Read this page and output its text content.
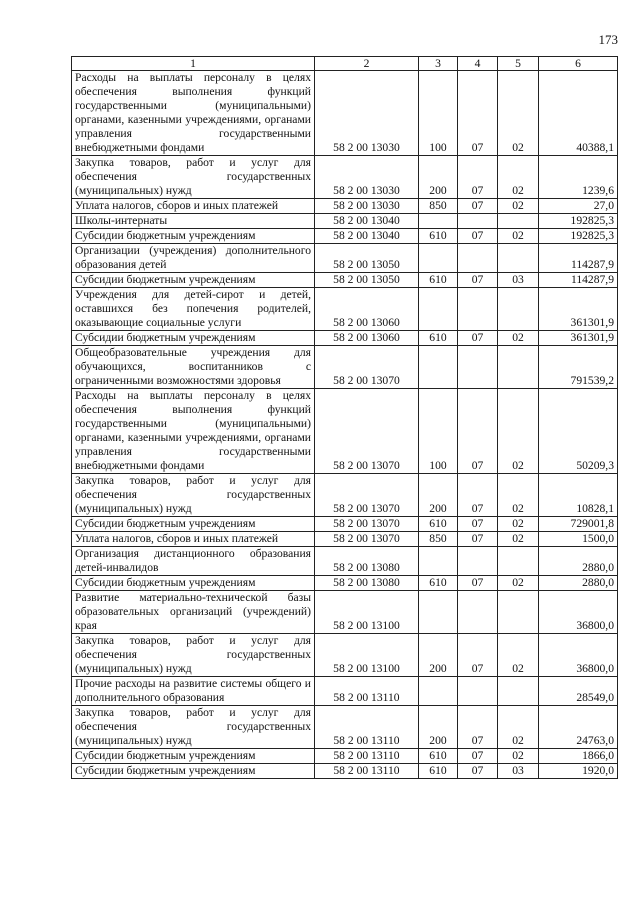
173
1	2	3	4	5	6
Расходы на выплаты персоналу в целях обеспечения выполнения функций государственными (муниципальными) органами, казенными учреждениями, органами управления государственными внебюджетными фондами	58 2 00 13030	100	07	02	40388,1
Закупка товаров, работ и услуг для обеспечения государственных (муниципальных) нужд	58 2 00 13030	200	07	02	1239,6
Уплата налогов, сборов и иных платежей	58 2 00 13030	850	07	02	27,0
Школы-интернаты	58 2 00 13040				192825,3
Субсидии бюджетным учреждениям	58 2 00 13040	610	07	02	192825,3
Организации (учреждения) дополнительного образования детей	58 2 00 13050				114287,9
Субсидии бюджетным учреждениям	58 2 00 13050	610	07	03	114287,9
Учреждения для детей-сирот и детей, оставшихся без попечения родителей, оказывающие социальные услуги	58 2 00 13060				361301,9
Субсидии бюджетным учреждениям	58 2 00 13060	610	07	02	361301,9
Общеобразовательные учреждения для обучающихся, воспитанников с ограниченными возможностями здоровья	58 2 00 13070				791539,2
Расходы на выплаты персоналу в целях обеспечения выполнения функций государственными (муниципальными) органами, казенными учреждениями, органами управления государственными внебюджетными фондами	58 2 00 13070	100	07	02	50209,3
Закупка товаров, работ и услуг для обеспечения государственных (муниципальных) нужд	58 2 00 13070	200	07	02	10828,1
Субсидии бюджетным учреждениям	58 2 00 13070	610	07	02	729001,8
Уплата налогов, сборов и иных платежей	58 2 00 13070	850	07	02	1500,0
Организация дистанционного образования детей-инвалидов	58 2 00 13080				2880,0
Субсидии бюджетным учреждениям	58 2 00 13080	610	07	02	2880,0
Развитие материально-технической базы образовательных организаций (учреждений) края	58 2 00 13100				36800,0
Закупка товаров, работ и услуг для обеспечения государственных (муниципальных) нужд	58 2 00 13100	200	07	02	36800,0
Прочие расходы на развитие системы общего и дополнительного образования	58 2 00 13110				28549,0
Закупка товаров, работ и услуг для обеспечения государственных (муниципальных) нужд	58 2 00 13110	200	07	02	24763,0
Субсидии бюджетным учреждениям	58 2 00 13110	610	07	02	1866,0
Субсидии бюджетным учреждениям	58 2 00 13110	610	07	03	1920,0
